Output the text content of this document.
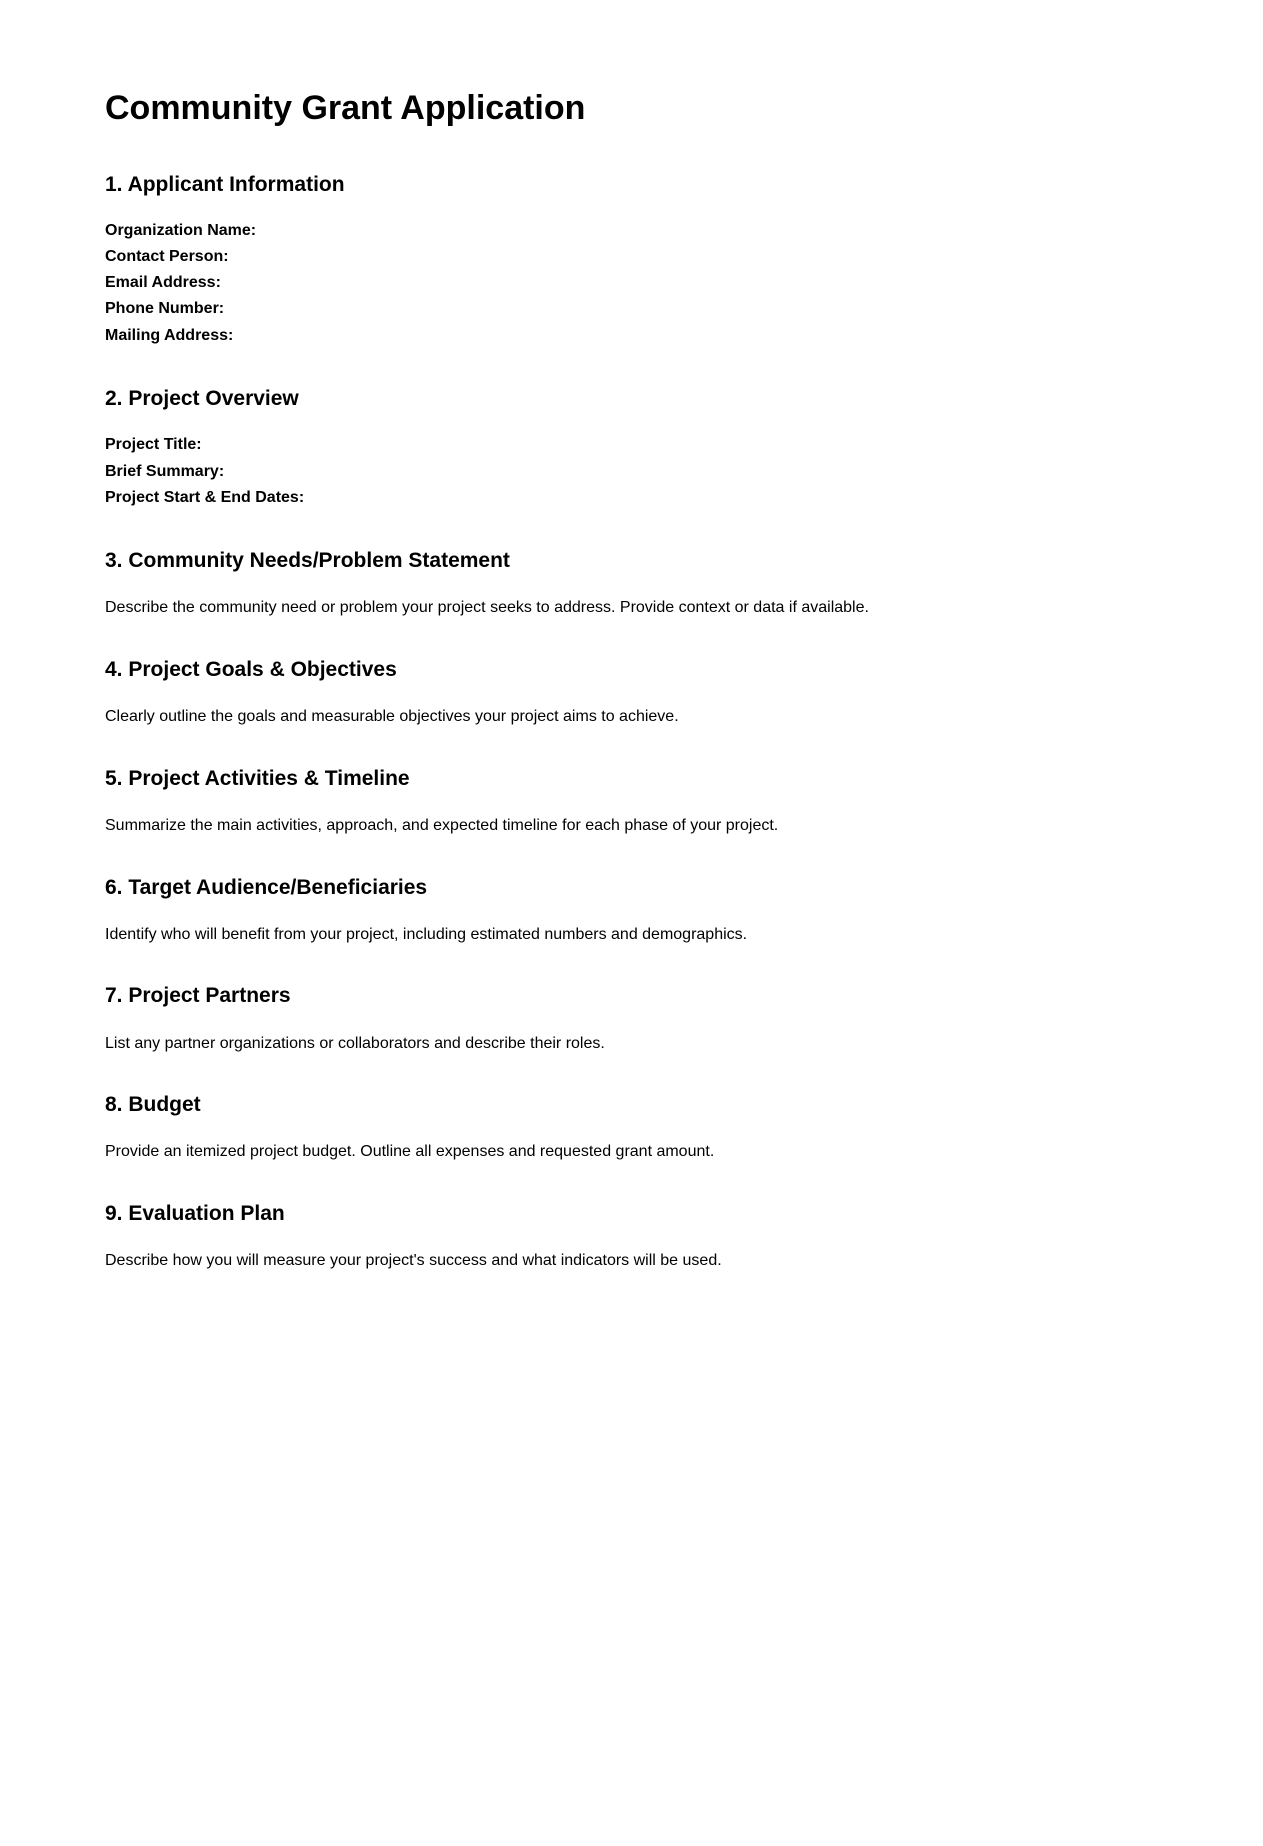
Community Grant Application
1. Applicant Information
Organization Name:
Contact Person:
Email Address:
Phone Number:
Mailing Address:
2. Project Overview
Project Title:
Brief Summary:
Project Start & End Dates:
3. Community Needs/Problem Statement

Describe the community need or problem your project seeks to address. Provide context or data if available.

4. Project Goals & Objectives

Clearly outline the goals and measurable objectives your project aims to achieve.

5. Project Activities & Timeline

Summarize the main activities, approach, and expected timeline for each phase of your project.

6. Target Audience/Beneficiaries

Identify who will benefit from your project, including estimated numbers and demographics.

7. Project Partners

List any partner organizations or collaborators and describe their roles.

8. Budget

Provide an itemized project budget. Outline all expenses and requested grant amount.

9. Evaluation Plan

Describe how you will measure your project's success and what indicators will be used.
